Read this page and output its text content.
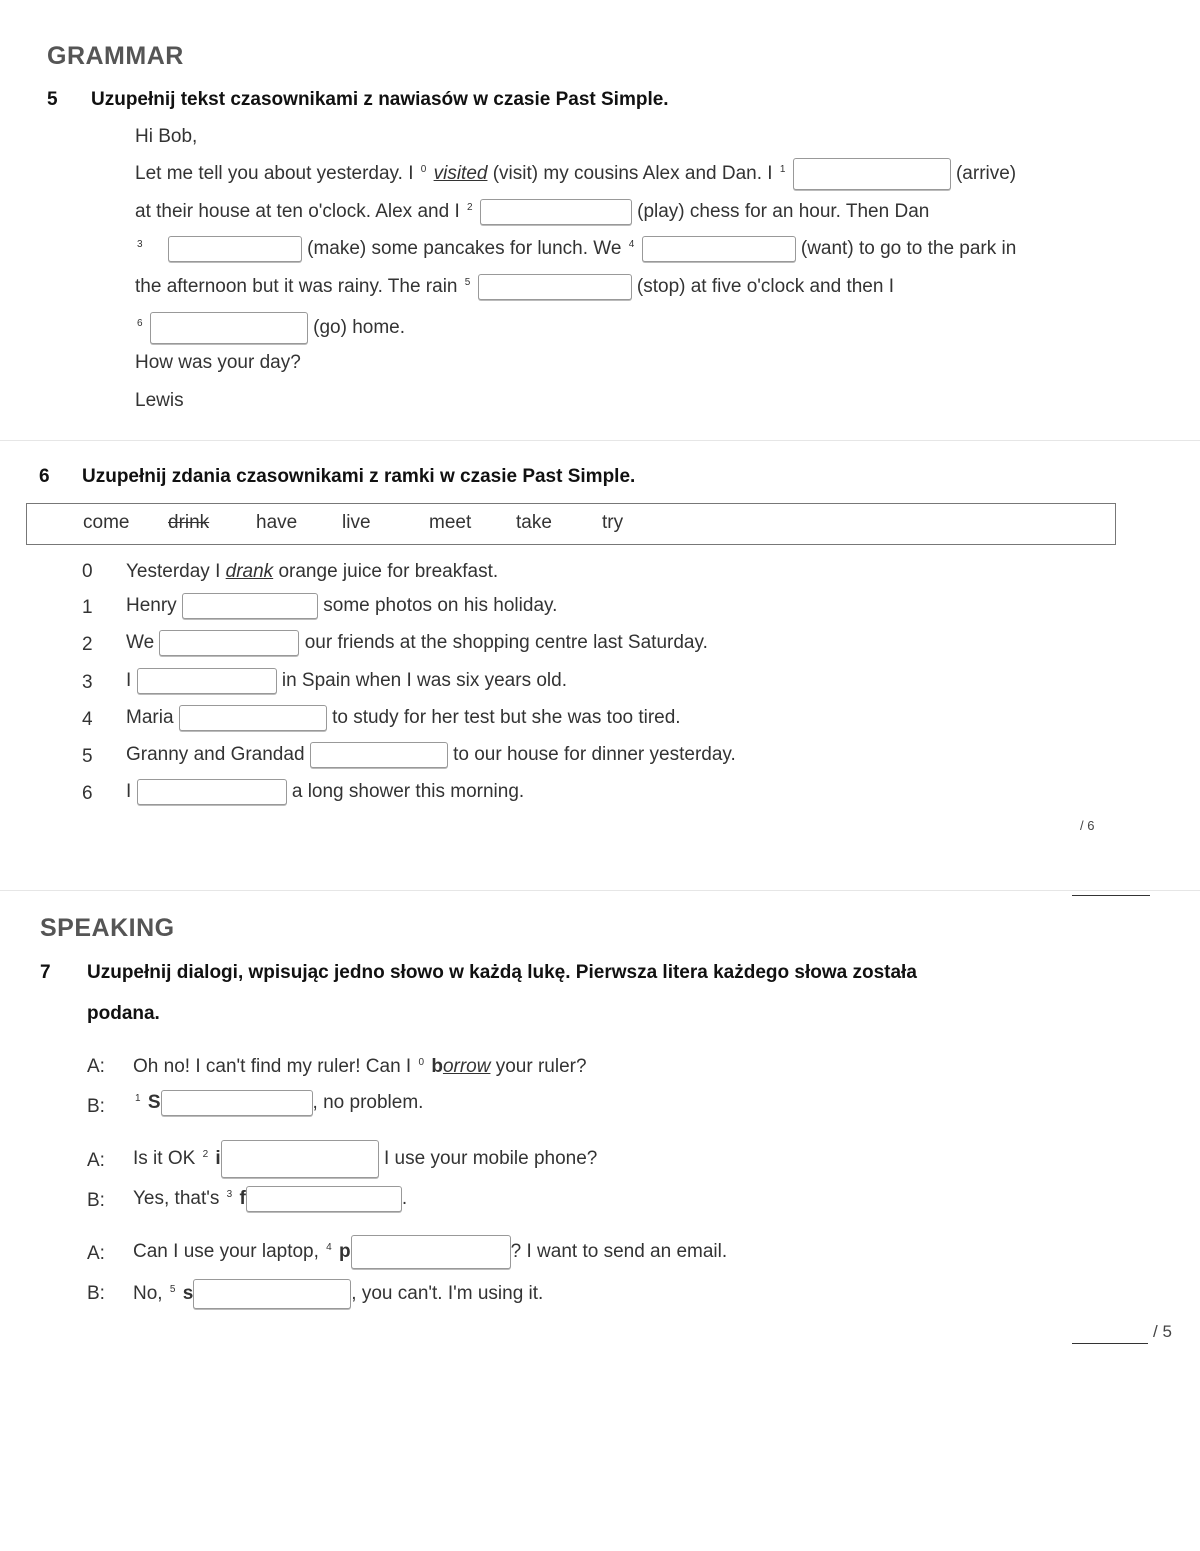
GRAMMAR
5 Uzupełnij tekst czasownikami z nawiasów w czasie Past Simple.
Hi Bob,
Let me tell you about yesterday. I $^0$ visited (visit) my cousins Alex and Dan. I $^1$	(arrive)
at their house at ten o'clock. Alex and I $^2$	(play) chess for an hour. Then Dan
$^3$	(make) some pancakes for lunch. We $^4$	(want) to go to the park in
the afternoon but it was rainy. The rain $^5$	(stop) at five o'clock and then I
$^6$	(go) home.
How was your day?
Lewis
6 Uzupełnij zdania czasownikami z ramki w czasie Past Simple.
come drink have live	meet take	try
0 Yesterday I drank orange juice for breakfast.
1 Henry	some photos on his holiday.
2 We	our friends at the shopping centre last Saturday.
3 I	in Spain when I was six years old.
4 Maria	to study for her test but she was too tired.
5 Granny and Grandad	to our house for dinner yesterday.
6 I	a long shower this morning.
/ 6
SPEAKING
7 Uzupełnij dialogi, wpisując jedno słowo w każdą lukę. Pierwsza litera każdego słowa została
podana.
A: Oh no! I can't find my ruler! Can I $^0$ borrow your ruler?
B:	$^1$ S	, no problem.
A: Is it OK $^2$ i	I use your mobile phone?
B: Yes, that's $^3$ f	.
A: Can I use your laptop, $^4$ p	? I want to send an email.
B: No, $^5$ s	, you can't. I'm using it.
/ 5
